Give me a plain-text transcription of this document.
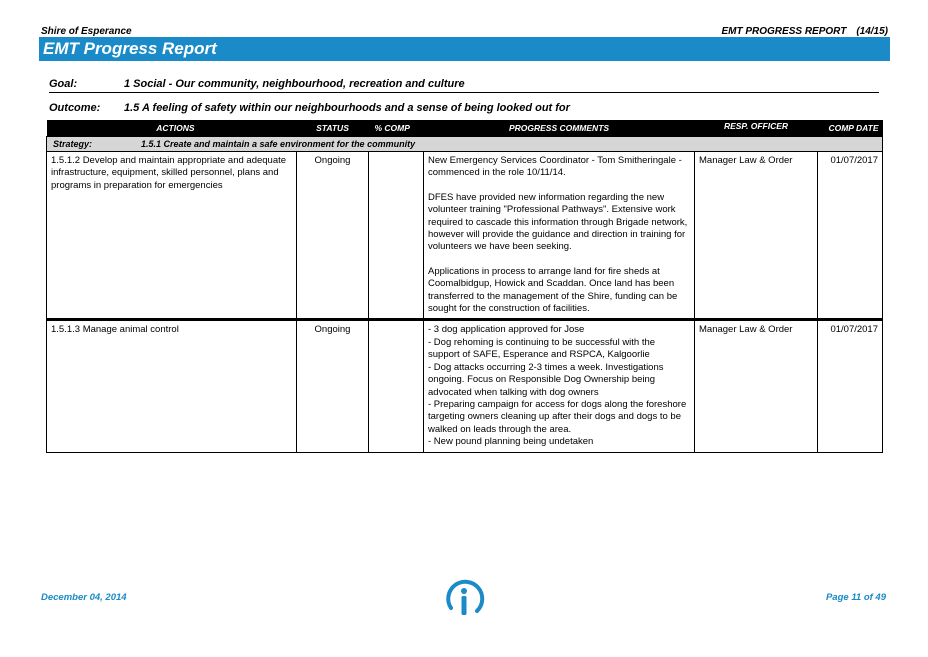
Shire of Esperance	EMT PROGRESS REPORT (14/15)
EMT Progress Report
Goal:	1 Social - Our community, neighbourhood, recreation and culture
Outcome: 1.5 A feeling of safety within our neighbourhoods and a sense of being looked out for
ACTIONS	STATUS	% COMP	PROGRESS COMMENTS	RESP. OFFICER	COMP DATE
Strategy: 1.5.1 Create and maintain a safe environment for the community					
1.5.1.2 Develop and maintain appropriate and adequate infrastructure, equipment, skilled personnel, plans and programs in preparation for emergencies	Ongoing		New Emergency Services Coordinator - Tom Smitheringale - commenced in the role 10/11/14.
DFES have provided new information regarding the new volunteer training "Professional Pathways". Extensive work required to cascade this information through Brigade network, however will provide the guidance and direction in training for volunteers we have been seeking.
Applications in process to arrange land for fire sheds at Coomalbidgup, Howick and Scaddan. Once land has been transferred to the management of the Shire, funding can be sought for the construction of facilities.	Manager Law & Order	01/07/2017

1.5.1.3 Manage animal control	Ongoing		- 3 dog application approved for Jose
- Dog rehoming is continuing to be successful with the support of SAFE, Esperance and RSPCA, Kalgoorlie
- Dog attacks occurring 2-3 times a week. Investigations ongoing. Focus on Responsible Dog Ownership being advocated when talking with dog owners
- Preparing campaign for access for dogs along the foreshore targeting owners cleaning up after their dogs and dogs to be walked on leads through the area.
- New pound planning being undetaken	Manager Law & Order	01/07/2017
December 04, 2014	Page 11 of 49
